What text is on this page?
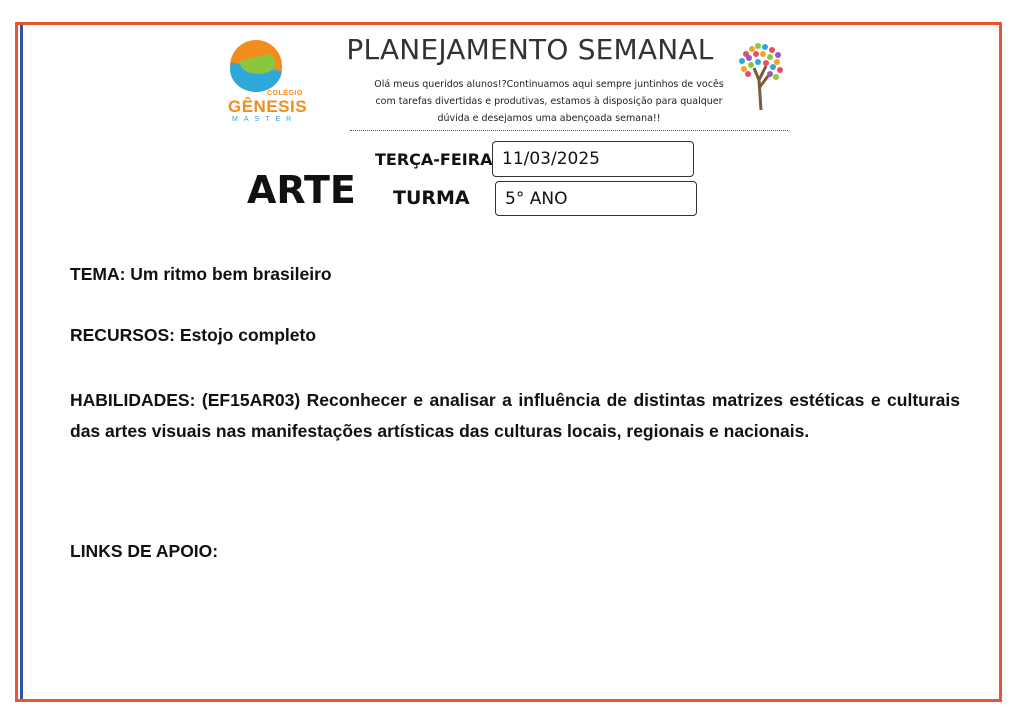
COLÉGIO
GÊNESIS
MASTER
PLANEJAMENTO SEMANAL
Olá meus queridos alunos!?Continuamos aqui sempre juntinhos de vocês
com tarefas divertidas e produtivas, estamos à disposição para qualquer
dúvida e desejamos uma abençoada semana!!
ARTE
TERÇA-FEIRA 11/03/2025
TURMA	5° ANO
TEMA: Um ritmo bem brasileiro
RECURSOS: Estojo completo
HABILIDADES: (EF15AR03) Reconhecer e analisar a influência de distintas matrizes estéticas e culturais das artes visuais nas manifestações artísticas das culturas locais, regionais e nacionais.
LINKS DE APOIO:
